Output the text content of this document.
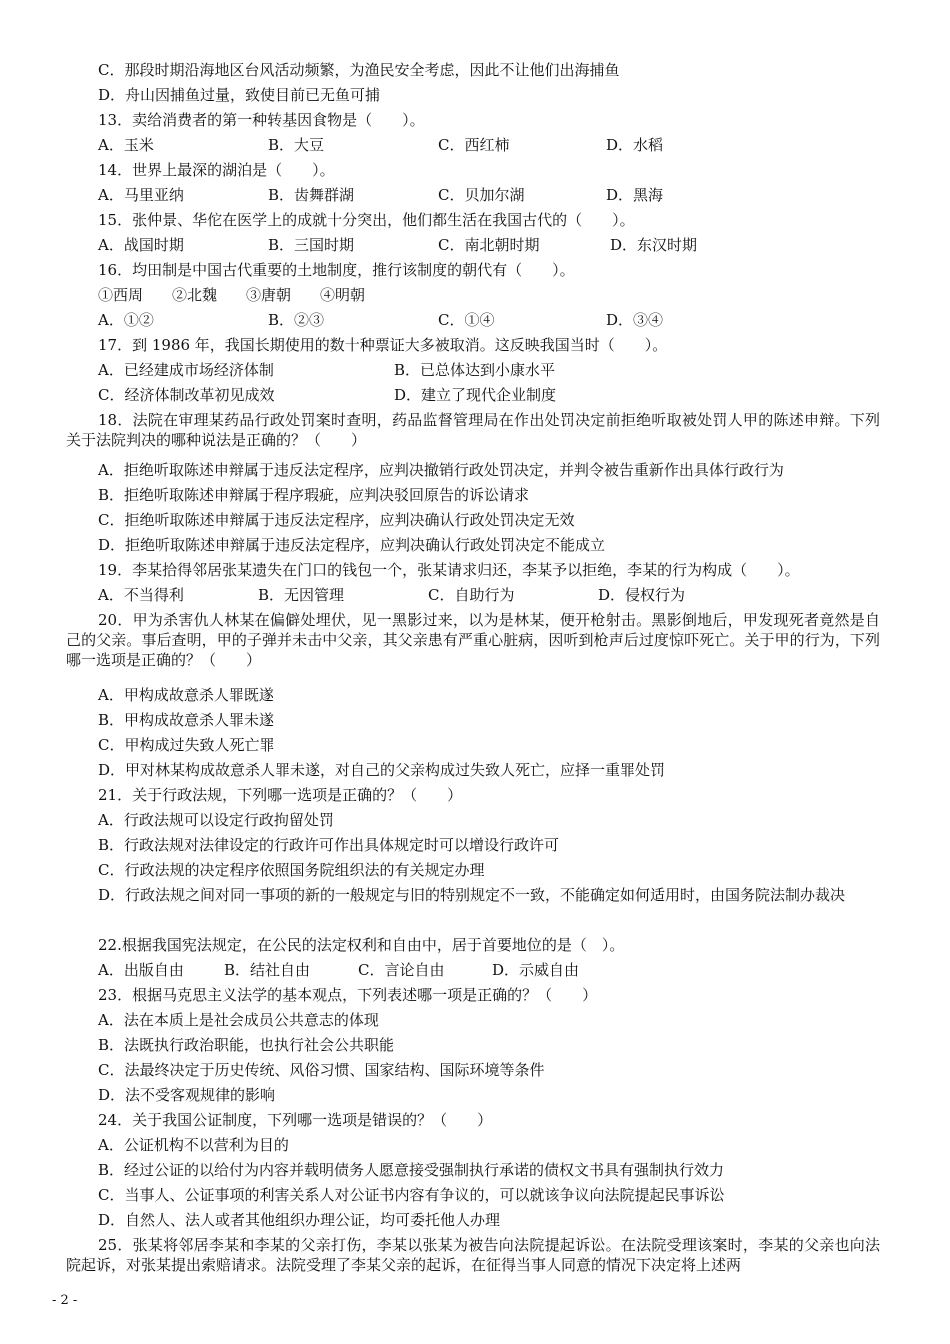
C．那段时期沿海地区台风活动频繁，为渔民安全考虑，因此不让他们出海捕鱼
D．舟山因捕鱼过量，致使目前已无鱼可捕
13．卖给消费者的第一种转基因食物是（　　）。
A．玉米	B．大豆	C．西红柿	D．水稻
14．世界上最深的湖泊是（　　）。
A．马里亚纳	B．齿舞群湖	C．贝加尔湖	D．黑海
15．张仲景、华佗在医学上的成就十分突出，他们都生活在我国古代的（　　）。
A．战国时期	B．三国时期	C．南北朝时期	D．东汉时期
16．均田制是中国古代重要的土地制度，推行该制度的朝代有（　　）。
①西周 ②北魏 ③唐朝 ④明朝
A．①②	B．②③	C．①④	D．③④
17．到 1986 年，我国长期使用的数十种票证大多被取消。这反映我国当时（　　）。
A．已经建成市场经济体制	B．已总体达到小康水平
C．经济体制改革初见成效	D．建立了现代企业制度
18．法院在审理某药品行政处罚案时查明，药品监督管理局在作出处罚决定前拒绝听取被处罚人甲的陈述申辩。下列关于法院判决的哪种说法是正确的？（　　）
A．拒绝听取陈述申辩属于违反法定程序，应判决撤销行政处罚决定，并判令被告重新作出具体行政行为
B．拒绝听取陈述申辩属于程序瑕疵，应判决驳回原告的诉讼请求
C．拒绝听取陈述申辩属于违反法定程序，应判决确认行政处罚决定无效
D．拒绝听取陈述申辩属于违反法定程序，应判决确认行政处罚决定不能成立
19．李某拾得邻居张某遗失在门口的钱包一个，张某请求归还，李某予以拒绝，李某的行为构成（　　）。
A．不当得利	B．无因管理	C．自助行为	D．侵权行为
20．甲为杀害仇人林某在偏僻处埋伏，见一黑影过来，以为是林某，便开枪射击。黑影倒地后，甲发现死者竟然是自己的父亲。事后查明，甲的子弹并未击中父亲，其父亲患有严重心脏病，因听到枪声后过度惊吓死亡。关于甲的行为，下列哪一选项是正确的？（　　）
A．甲构成故意杀人罪既遂
B．甲构成故意杀人罪未遂
C．甲构成过失致人死亡罪
D．甲对林某构成故意杀人罪未遂，对自己的父亲构成过失致人死亡，应择一重罪处罚
21．关于行政法规，下列哪一选项是正确的？（　　）
A．行政法规可以设定行政拘留处罚
B．行政法规对法律设定的行政许可作出具体规定时可以增设行政许可
C．行政法规的决定程序依照国务院组织法的有关规定办理
D．行政法规之间对同一事项的新的一般规定与旧的特别规定不一致，不能确定如何适用时，由国务院法制办裁决
22.根据我国宪法规定，在公民的法定权利和自由中，居于首要地位的是（　）。
A．出版自由	B．结社自由	C．言论自由	D．示威自由
23．根据马克思主义法学的基本观点，下列表述哪一项是正确的？（　　）
A．法在本质上是社会成员公共意志的体现
B．法既执行政治职能，也执行社会公共职能
C．法最终决定于历史传统、风俗习惯、国家结构、国际环境等条件
D．法不受客观规律的影响
24．关于我国公证制度，下列哪一选项是错误的？（　　）
A．公证机构不以营利为目的
B．经过公证的以给付为内容并载明债务人愿意接受强制执行承诺的债权文书具有强制执行效力
C．当事人、公证事项的利害关系人对公证书内容有争议的，可以就该争议向法院提起民事诉讼
D．自然人、法人或者其他组织办理公证，均可委托他人办理
25．张某将邻居李某和李某的父亲打伤，李某以张某为被告向法院提起诉讼。在法院受理该案时，李某的父亲也向法院起诉，对张某提出索赔请求。法院受理了李某父亲的起诉，在征得当事人同意的情况下决定将上述两
- 2 -
